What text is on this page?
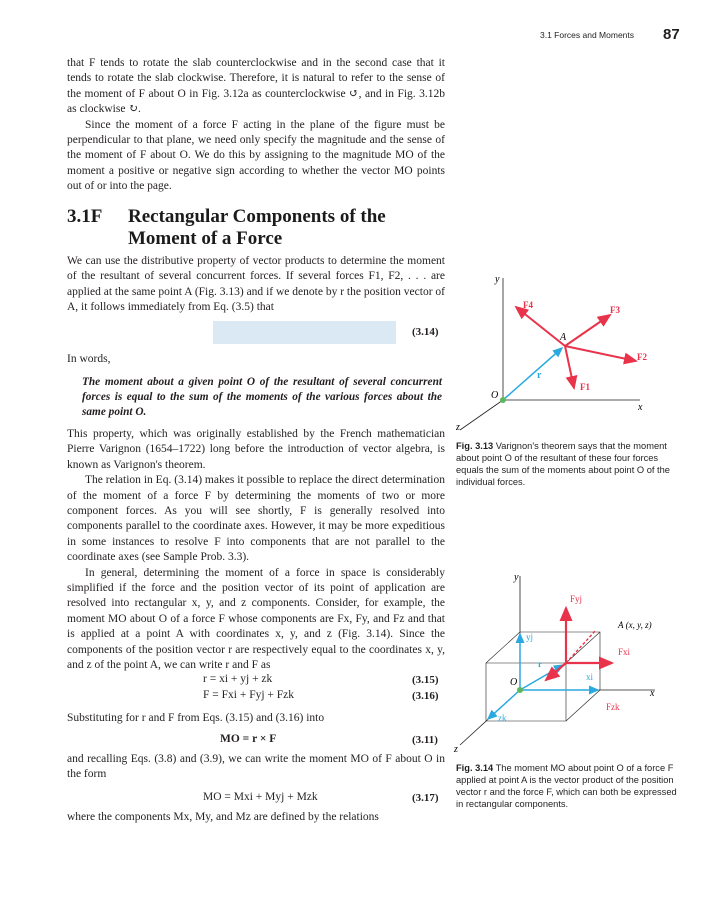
3.1 Forces and Moments 87

that F tends to rotate the slab counterclockwise and in the second case that it tends to rotate the slab clockwise. Therefore, it is natural to refer to the sense of the moment of F about O in Fig. 3.12a as counterclockwise ↺, and in Fig. 3.12b as clockwise ↻.

Since the moment of a force F acting in the plane of the figure must be perpendicular to that plane, we need only specify the magnitude and the sense of the moment of F about O. We do this by assigning to the magnitude MO of the moment a positive or negative sign according to whether the vector MO points out of or into the page.

3.1F Rectangular Components of the Moment of a Force
We can use the distributive property of vector products to determine the moment of the resultant of several concurrent forces. If several forces F1, F2, . . . are applied at the same point A (Fig. 3.13) and if we denote by r the position vector of A, it follows immediately from Eq. (3.5) that
(3.14)
In words,
The moment about a given point O of the resultant of several concurrent forces is equal to the sum of the moments of the various forces about the same point O.

This property, which was originally established by the French mathematician Pierre Varignon (1654–1722) long before the introduction of vector algebra, is known as Varignon's theorem.

The relation in Eq. (3.14) makes it possible to replace the direct determination of the moment of a force F by determining the moments of two or more component forces. As you will see shortly, F is generally resolved into components parallel to the coordinate axes. However, it may be more expeditious in some instances to resolve F into components that are not parallel to the coordinate axes (see Sample Prob. 3.3).

In general, determining the moment of a force in space is considerably simplified if the force and the position vector of its point of application are resolved into rectangular x, y, and z components. Consider, for example, the moment MO about O of a force F whose components are Fx, Fy, and Fz and that is applied at a point A with coordinates x, y, and z (Fig. 3.14). Since the components of the position vector r are respectively equal to the coordinates x, y, and z of the point A, we can write r and F as

r = xi + yj + zk	(3.15)
F = Fxi + Fyj + Fzk	(3.16)
Substituting for r and F from Eqs. (3.15) and (3.16) into
MO = r × F	(3.11)
and recalling Eqs. (3.8) and (3.9), we can write the moment MO of F about O in the form
MO = Mxi + Myj + Mzk	(3.17)
where the components Mx, My, and Mz are defined by the relations
y
x
z
O
r
A
F4	F3
F2
F1
Fig. 3.13 Varignon's theorem says that the moment about point O of the resultant of these four forces equals the sum of the moments about point O of the individual forces.
y
x
z
O
yj
xi
zk
r
Fyj
Fxi
Fzk
A (x, y, z)
Fig. 3.14 The moment MO about point O of a force F applied at point A is the vector product of the position vector r and the force F, which can both be expressed in rectangular components.
